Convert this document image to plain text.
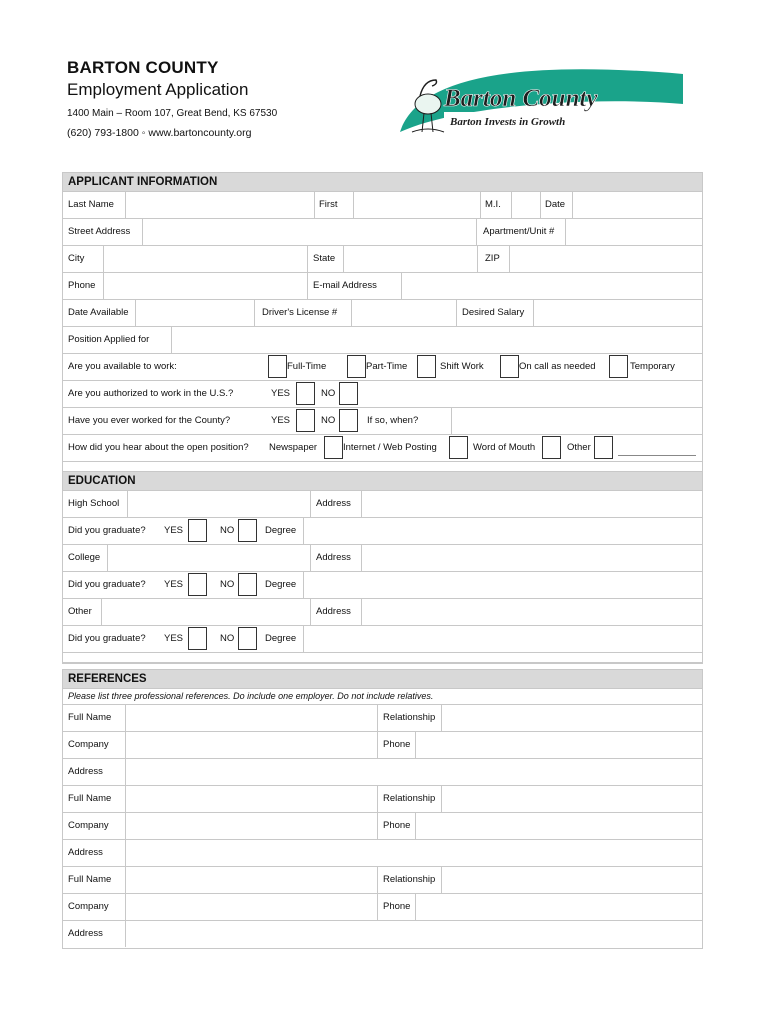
BARTON COUNTY
Employment Application
1400 Main – Room 107, Great Bend, KS 67530
(620) 793-1800 ◦ www.bartoncounty.org
Barton County
Barton Invests in Growth
APPLICANT INFORMATION
Last Name	First	M.I.	Date
Street Address	Apartment/Unit #
City	State	ZIP
Phone	E-mail Address
Date Available	Driver's License #	Desired Salary
Position Applied for
Are you available to work:	Full-Time	Part-Time	Shift Work	On call as needed	Temporary
Are you authorized to work in the U.S.?	YES	NO
Have you ever worked for the County?	YES	NO	If so, when?
How did you hear about the open position? Newspaper	Internet / Web Posting	Word of Mouth	Other
EDUCATION
High School	Address
Did you graduate? YES	NO	Degree
College	Address
Did you graduate? YES	NO	Degree
Other	Address
Did you graduate? YES	NO	Degree
REFERENCES
Please list three professional references. Do include one employer. Do not include relatives.
Full Name	Relationship
Company	Phone
Address
Full Name	Relationship
Company	Phone
Address
Full Name	Relationship
Company	Phone
Address
